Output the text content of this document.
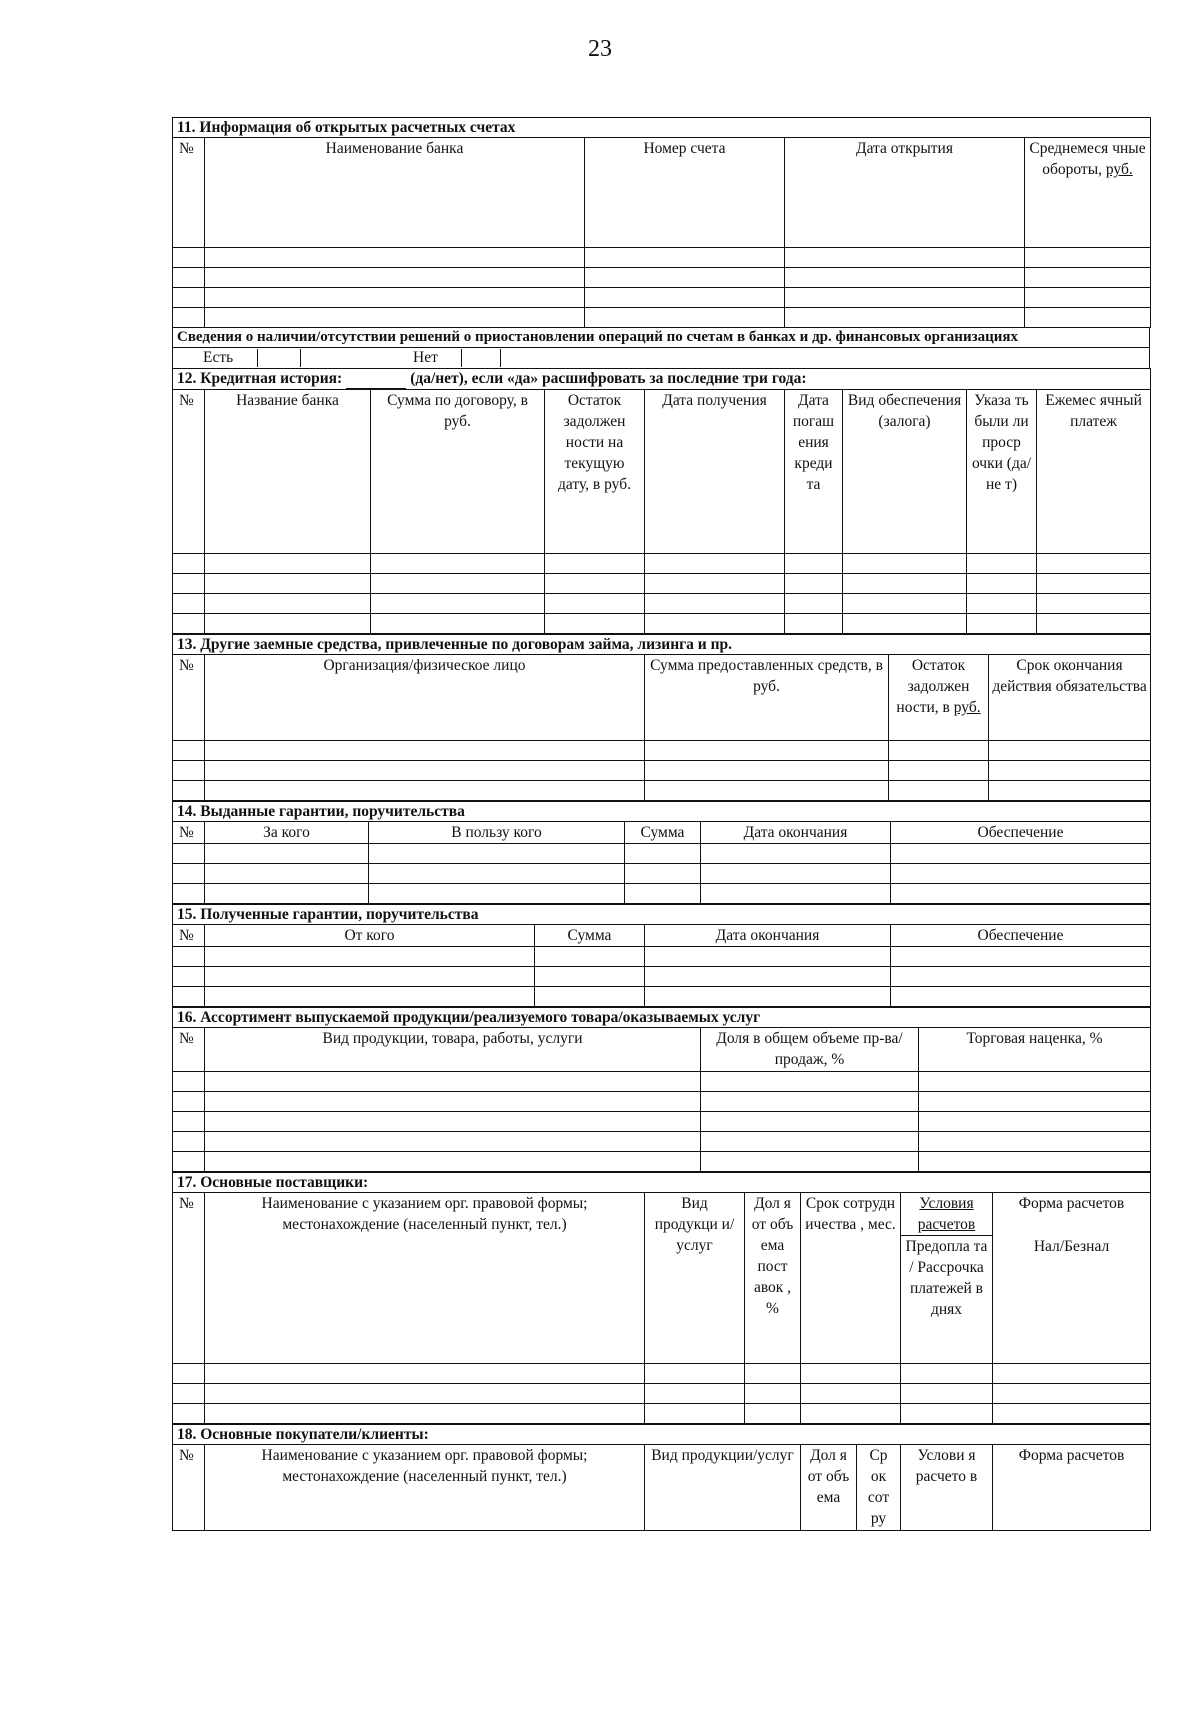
23
11. Информация об открытых расчетных счетах				
№	Наименование банка	Номер счета	Дата открытия	Среднемеся чные обороты, руб.

Сведения о наличии/отсутствии решений о приостановлении операций по счетам в банках и др. финансовых организациях
Есть	Нет
12. Кредитная история: (да/нет), если «да» расшифровать за последние три года:								
№	Название банка	Сумма по договору, в руб.	Остаток задолжен ности на текущую дату, в руб.	Дата получения	Дата погаш ения креди та	Вид обеспечения (залога)	Указа ть были ли проср очки (да/не т)	Ежемес ячный платеж

13. Другие заемные средства, привлеченные по договорам займа, лизинга и пр.				
№	Организация/физическое лицо	Сумма предоставленных средств, в руб.	Остаток задолжен ности, в руб.	Срок окончания действия обязательства

14. Выданные гарантии, поручительства					
№	За кого	В пользу кого	Сумма	Дата окончания	Обеспечение

15. Полученные гарантии, поручительства				
№	От кого	Сумма	Дата окончания	Обеспечение

16. Ассортимент выпускаемой продукции/реализуемого товара/оказываемых услуг			
№	Вид продукции, товара, работы, услуги	Доля в общем объеме пр-ва/продаж, %	Торговая наценка, %

17. Основные поставщики:						
№	Наименование с указанием орг. правовой формы; местонахождение (населенный пункт, тел.)	Вид продукци и/услуг	Дол я от объ ема пост авок , %	Срок сотрудн ичества , мес.	Условия расчетов	Форма расчетов
					Предопла та / Рассрочка платежей в днях	Нал/Безнал

18. Основные покупатели/клиенты:
№	Наименование с указанием орг. правовой формы; местонахождение (населенный пункт, тел.)	Вид продукции/услуг	Дол я от объ ема	Ср ок сот ру	Услови я расчето в	Форма расчетов
